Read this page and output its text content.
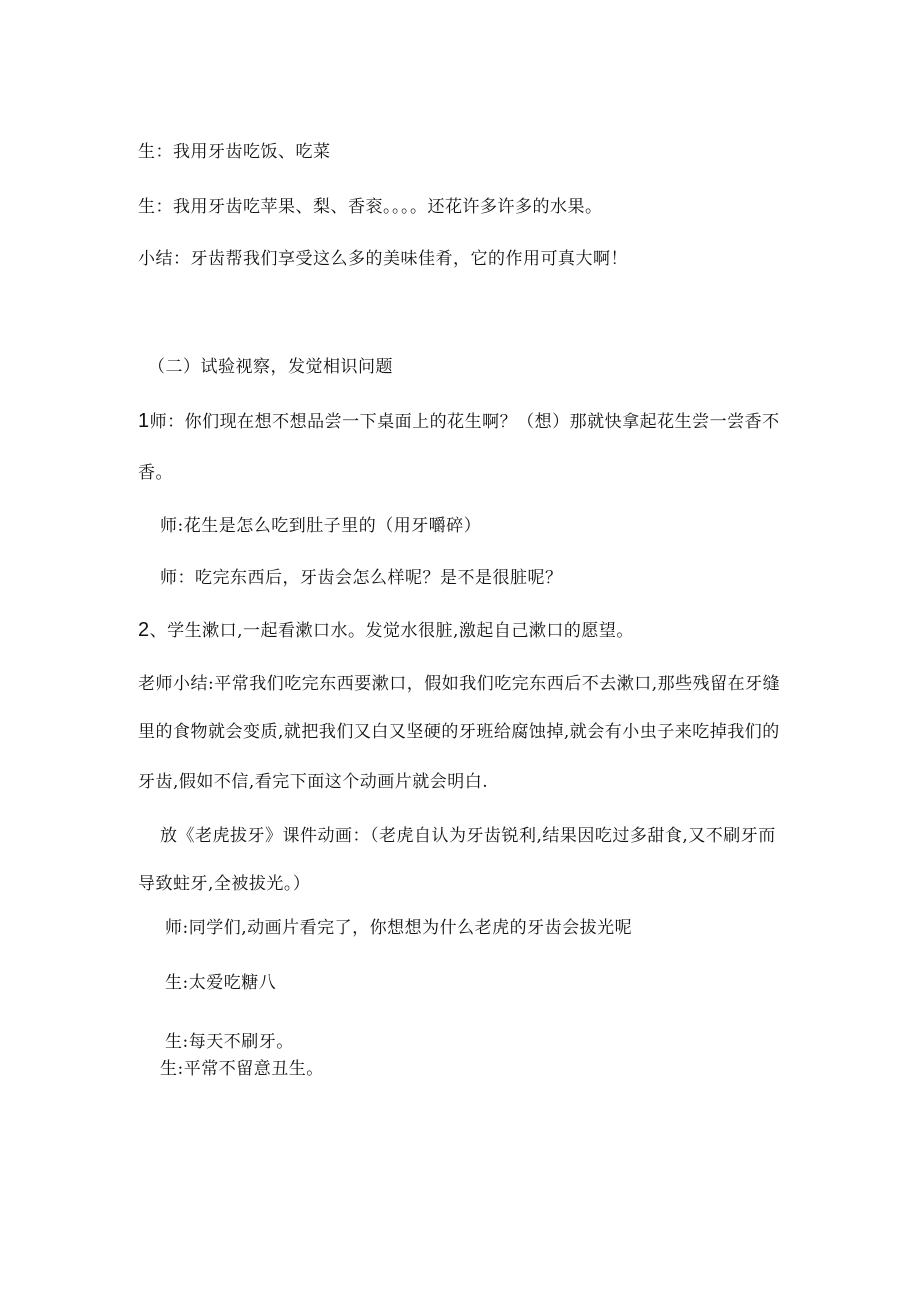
生：我用牙齿吃饭、吃菜
生：我用牙齿吃苹果、梨、香衮。。。。还花许多许多的水果。
小结：牙齿帮我们享受这么多的美味佳肴，它的作用可真大啊！
（二）试验视察，发觉相识问题
1师：你们现在想不想品尝一下桌面上的花生啊？（想）那就快拿起花生尝一尝香不
香。
师:花生是怎么吃到肚子里的（用牙嚼碎）
师：吃完东西后，牙齿会怎么样呢？是不是很脏呢？
2、学生漱口,一起看漱口水。发觉水很脏,激起自己漱口的愿望。
老师小结:平常我们吃完东西要漱口，假如我们吃完东西后不去漱口,那些残留在牙缝
里的食物就会变质,就把我们又白又坚硬的牙班给腐蚀掉,就会有小虫子来吃掉我们的
牙齿,假如不信,看完下面这个动画片就会明白.
放《老虎拔牙》课件动画：（老虎自认为牙齿锐利,结果因吃过多甜食,又不刷牙而
导致蛀牙,全被拔光。）
师:同学们,动画片看完了，你想想为什么老虎的牙齿会拔光呢
生:太爱吃糖八
生:每天不刷牙。
生:平常不留意丑生。
